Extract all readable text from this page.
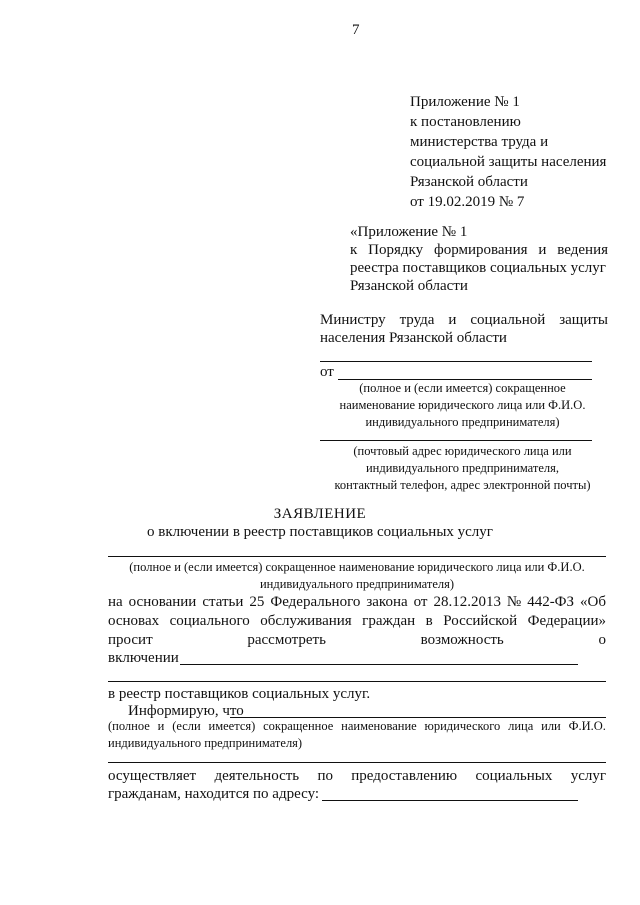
7
Приложение № 1
к постановлению
министерства труда и
социальной защиты населения
Рязанской области
от 19.02.2019 № 7
«Приложение № 1
к Порядку формирования и ведения
реестра поставщиков социальных услуг
Рязанской области
Министру труда и социальной защиты
населения Рязанской области
от
(полное и (если имеется) сокращенное
наименование юридического лица или Ф.И.О.
индивидуального предпринимателя)
(почтовый адрес юридического лица или
индивидуального предпринимателя,
контактный телефон, адрес электронной почты)
ЗАЯВЛЕНИЕ
о включении в реестр поставщиков социальных услуг
(полное и (если имеется) сокращенное наименование юридического лица или Ф.И.О.
индивидуального предпринимателя)
на основании статьи 25 Федерального закона от 28.12.2013 № 442-ФЗ «Об
основах социального обслуживания граждан в Российской Федерации»
просит	рассмотреть	возможность	о
включении
в реестр поставщиков социальных услуг.
Информирую, что
(полное и (если имеется) сокращенное наименование юридического лица или Ф.И.О.
индивидуального предпринимателя)
осуществляет деятельность по предоставлению социальных услуг
гражданам, находится по адресу:
